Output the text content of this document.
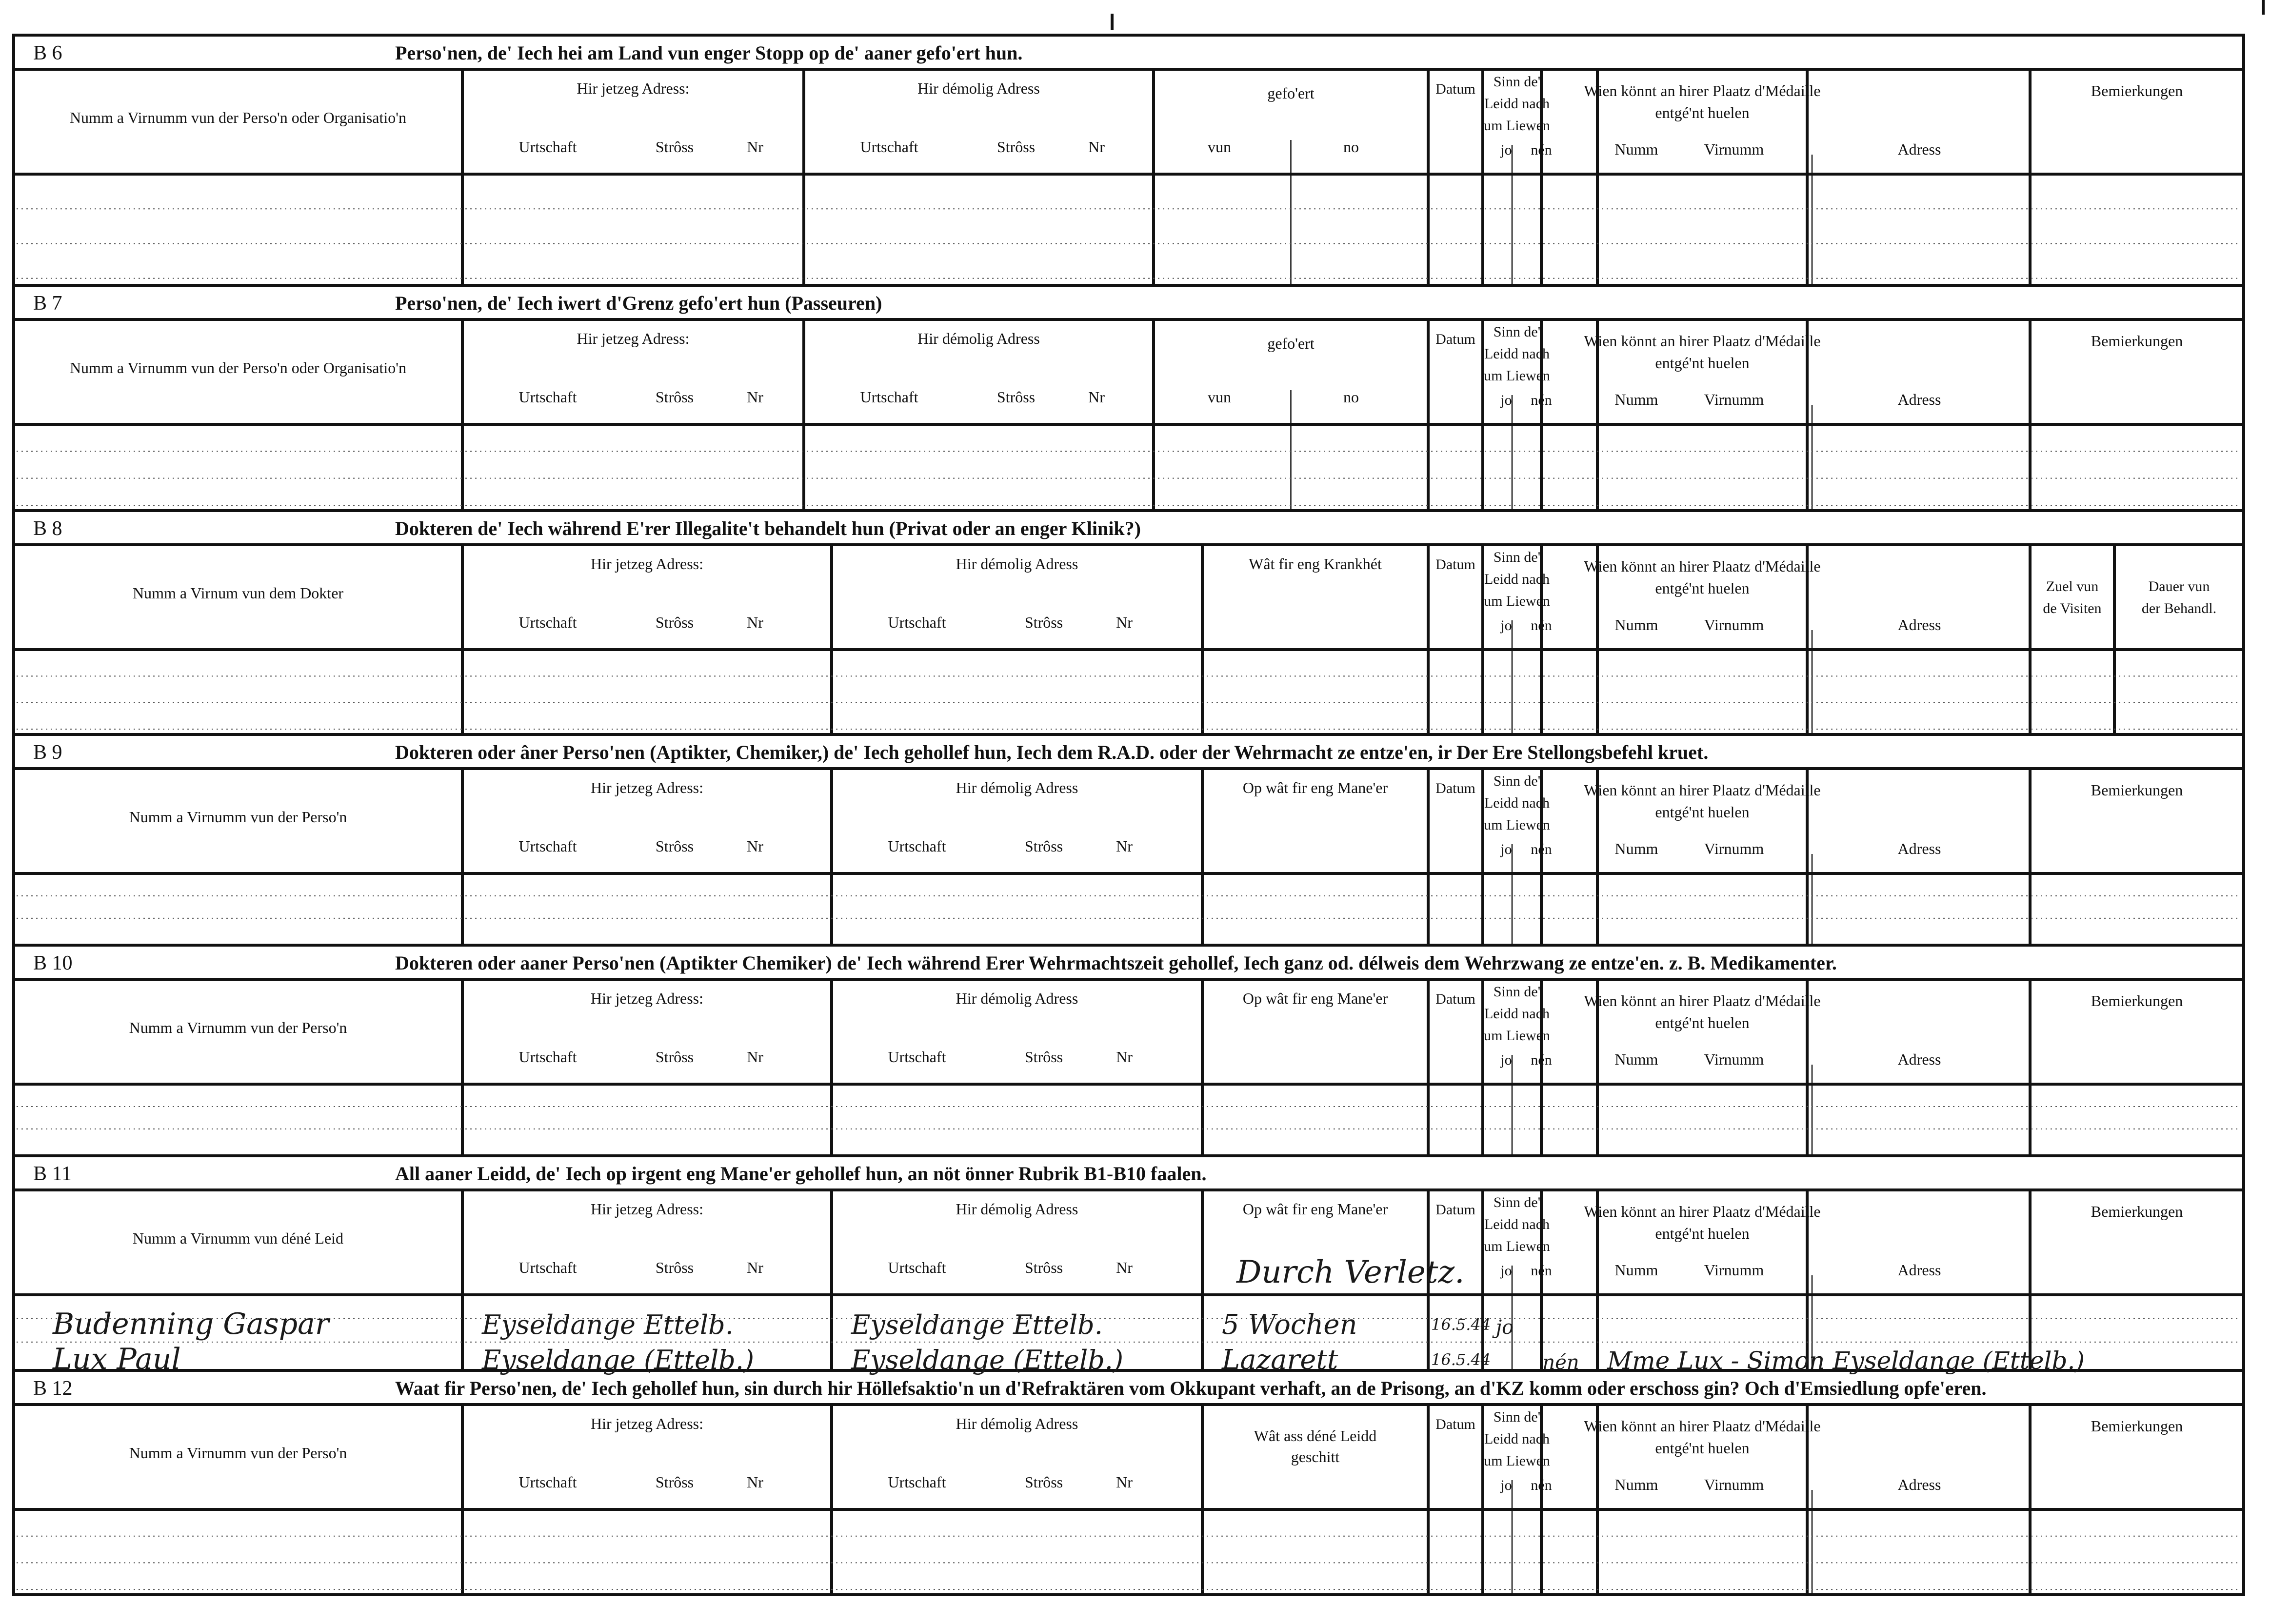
B 6	Perso'nen, de' Iech hei am Land vun enger Stopp op de' aaner gefo'ert hun.
Numm a Virnumm vun der Perso'n oder Organisatio'n
Hir jetzeg Adress:
Urtschaft	Strôss	Nr
Hir démolig Adress
Urtschaft	Strôss	Nr
gefo'ert
vun	no
Datum Sinn de'
Leidd nach
um Liewen
jo nén
Wien könnt an hirer Plaatz d'Médaille
entgé'nt huelen
Numm	Virnumm	Adress
Bemierkungen
B 7	Perso'nen, de' Iech iwert d'Grenz gefo'ert hun (Passeuren)
Numm a Virnumm vun der Perso'n oder Organisatio'n
Hir jetzeg Adress:
Urtschaft	Strôss	Nr
Hir démolig Adress
Urtschaft	Strôss	Nr
gefo'ert
vun	no
Datum Sinn de'
Leidd nach
um Liewen
jo nén
Wien könnt an hirer Plaatz d'Médaille
entgé'nt huelen
Numm	Virnumm	Adress
Bemierkungen
B 8	Dokteren de' Iech während E'rer Illegalite't behandelt hun (Privat oder an enger Klinik?)
Numm a Virnum vun dem Dokter
Hir jetzeg Adress:
Urtschaft	Strôss	Nr
Hir démolig Adress
Urtschaft	Strôss	Nr
Wât fir eng Krankhét	Datum Sinn de'
Leidd nach
um Liewen
jo nén
Wien könnt an hirer Plaatz d'Médaille
entgé'nt huelen
Numm	Virnumm	Adress
Zuel vun
de Visiten
Dauer vun
der Behandl.
B 9	Dokteren oder âner Perso'nen (Aptikter, Chemiker,) de' Iech gehollef hun, Iech dem R.A.D. oder der Wehrmacht ze entze'en, ir Der Ere Stellongsbefehl kruet.
Numm a Virnumm vun der Perso'n
Hir jetzeg Adress:
Urtschaft	Strôss	Nr
Hir démolig Adress
Urtschaft	Strôss	Nr
Op wât fir eng Mane'er	Datum Sinn de'
Leidd nach
um Liewen
jo nén
Wien könnt an hirer Plaatz d'Médaille
entgé'nt huelen
Numm	Virnumm	Adress
Bemierkungen
B 10	Dokteren oder aaner Perso'nen (Aptikter Chemiker) de' Iech während Erer Wehrmachtszeit gehollef, Iech ganz od. délweis dem Wehrzwang ze entze'en. z. B. Medikamenter.
Numm a Virnumm vun der Perso'n
Hir jetzeg Adress:
Urtschaft	Strôss	Nr
Hir démolig Adress
Urtschaft	Strôss	Nr
Op wât fir eng Mane'er	Datum Sinn de'
Leidd nach
um Liewen
jo nén
Wien könnt an hirer Plaatz d'Médaille
entgé'nt huelen
Numm	Virnumm	Adress
Bemierkungen
B 11	All aaner Leidd, de' Iech op irgent eng Mane'er gehollef hun, an nöt önner Rubrik B1-B10 faalen.
Numm a Virnumm vun déné Leid
Hir jetzeg Adress:
Urtschaft	Strôss	Nr
Hir démolig Adress
Urtschaft	Strôss	Nr
Op wât fir eng Mane'er	Datum Sinn de'
Leidd nach
um Liewen
jo nén
Wien könnt an hirer Plaatz d'Médaille
entgé'nt huelen
Numm	Virnumm	Adress
Bemierkungen
B 12	Waat fir Perso'nen, de' Iech gehollef hun, sin durch hir Höllefsaktio'n un d'Refraktären vom Okkupant verhaft, an de Prisong, an d'KZ komm oder erschoss gin? Och d'Emsiedlung opfe'eren.
Numm a Virnumm vun der Perso'n
Hir jetzeg Adress:
Urtschaft	Strôss	Nr
Hir démolig Adress
Urtschaft	Strôss	Nr
Wât ass déné Leidd
geschitt
Datum Sinn de'
Leidd nach
um Liewen
jo nén
Wien könnt an hirer Plaatz d'Médaille
entgé'nt huelen
Numm	Virnumm	Adress
Bemierkungen
Durch Verletz.
Budenning Gaspar	Eyseldange Ettelb.	Eyseldange Ettelb.	5 Wochen	16.5.44 jo
Lux Paul	Eyseldange (Ettelb.)	Eyseldange (Ettelb.)	Lazarett	16.5.44	nén Mme Lux - Simon Eyseldange (Ettelb.)
